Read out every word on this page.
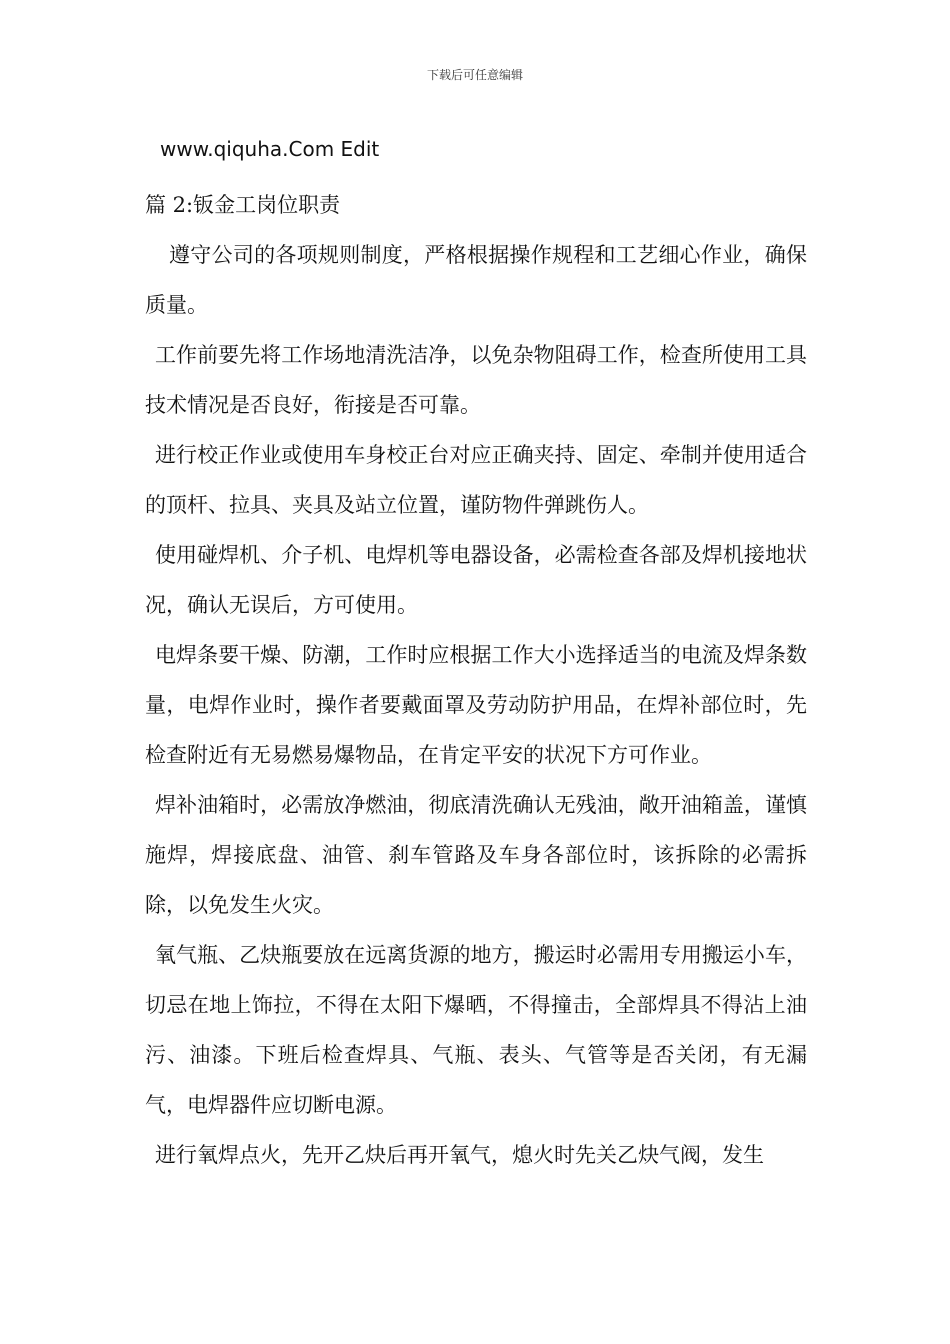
下载后可任意编辑
www.qiquha.Com Edit

篇 2:钣金工岗位职责

遵守公司的各项规则制度，严格根据操作规程和工艺细心作业，确保质量。

工作前要先将工作场地清洗洁净，以免杂物阻碍工作，检查所使用工具技术情况是否良好，衔接是否可靠。

进行校正作业或使用车身校正台对应正确夹持、固定、牵制并使用适合的顶杆、拉具、夹具及站立位置，谨防物件弹跳伤人。

使用碰焊机、介子机、电焊机等电器设备，必需检查各部及焊机接地状况，确认无误后，方可使用。

电焊条要干燥、防潮，工作时应根据工作大小选择适当的电流及焊条数量，电焊作业时，操作者要戴面罩及劳动防护用品，在焊补部位时，先检查附近有无易燃易爆物品，在肯定平安的状况下方可作业。

焊补油箱时，必需放净燃油，彻底清洗确认无残油，敞开油箱盖，谨慎施焊，焊接底盘、油管、刹车管路及车身各部位时，该拆除的必需拆除，以免发生火灾。

氧气瓶、乙炔瓶要放在远离货源的地方，搬运时必需用专用搬运小车，切忌在地上饰拉，不得在太阳下爆晒，不得撞击，全部焊具不得沾上油污、油漆。下班后检查焊具、气瓶、表头、气管等是否关闭，有无漏气，电焊器件应切断电源。

进行氧焊点火，先开乙炔后再开氧气，熄火时先关乙炔气阀，发生
